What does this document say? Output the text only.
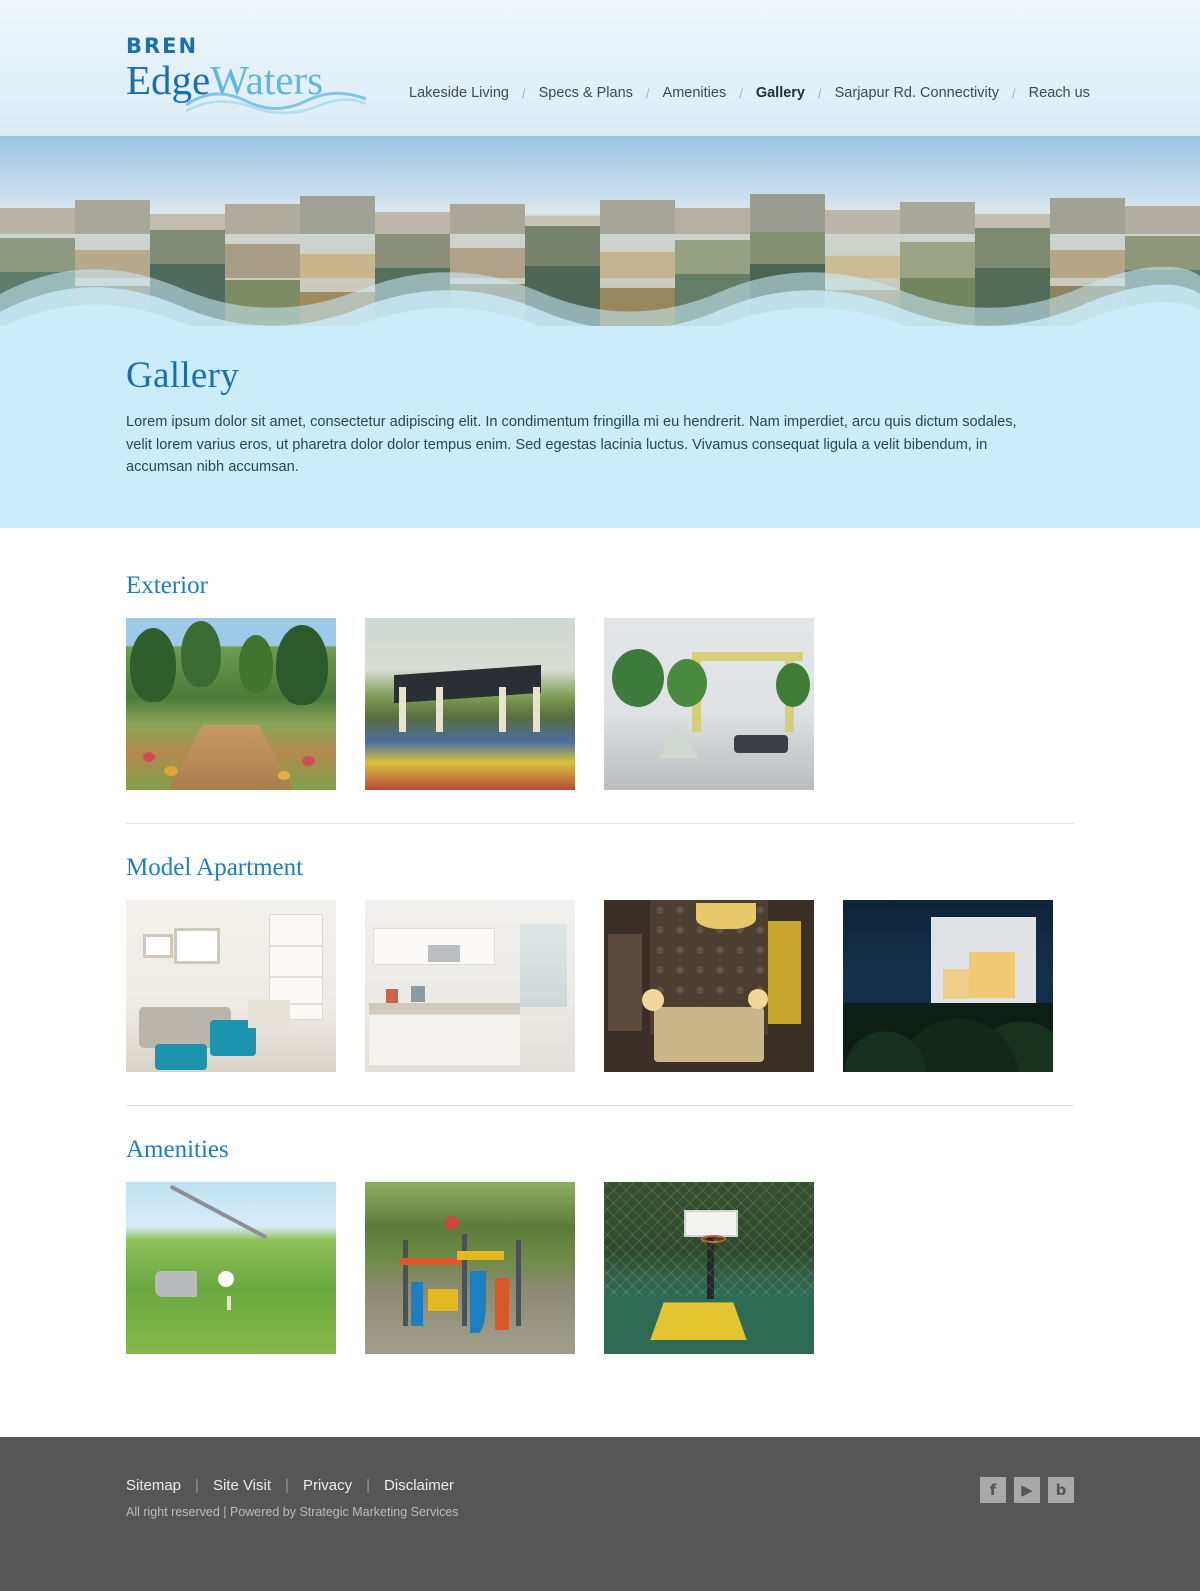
BREN
EdgeWaters	Lakeside Living	/ Specs & Plans	/ Amenities	/ Gallery	/ Sarjapur Rd. Connectivity	/ Reach us
Gallery

Lorem ipsum dolor sit amet, consectetur adipiscing elit. In condimentum fringilla mi eu hendrerit. Nam imperdiet, arcu quis dictum sodales, velit lorem varius eros, ut pharetra dolor dolor tempus enim. Sed egestas lacinia luctus. Vivamus consequat ligula a velit bibendum, in accumsan nibh accumsan.

Exterior
Model Apartment
Amenities
Sitemap | Site Visit | Privacy | Disclaimer
All right reserved | Powered by Strategic Marketing Services
f	▶	b
